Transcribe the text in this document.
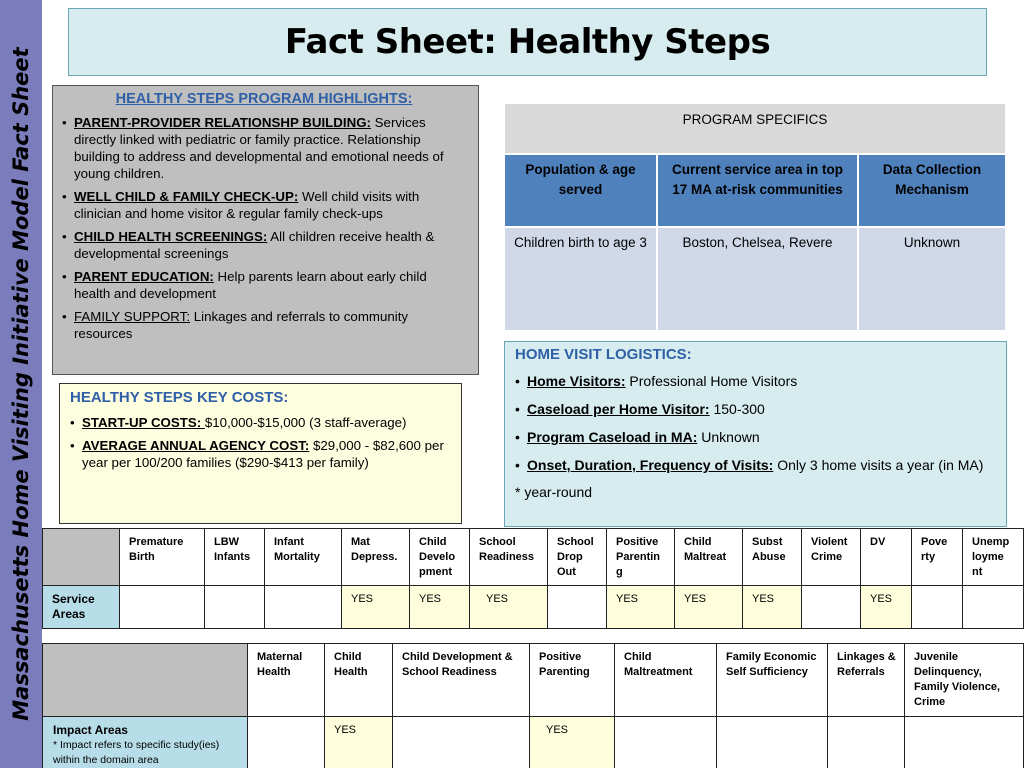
Massachusetts Home Visiting Initiative Model Fact Sheet
Fact Sheet: Healthy Steps
HEALTHY STEPS PROGRAM HIGHLIGHTS:
• PARENT-PROVIDER RELATIONSHP BUILDING: Services directly linked with pediatric or family practice. Relationship building to address and developmental and emotional needs of young children.
• WELL CHILD & FAMILY CHECK-UP: Well child visits with clinician and home visitor & regular family check-ups
• CHILD HEALTH SCREENINGS: All children receive health & developmental screenings
• PARENT EDUCATION: Help parents learn about early child health and development
• FAMILY SUPPORT: Linkages and referrals to community resources
HEALTHY STEPS KEY COSTS:
• START-UP COSTS: $10,000-$15,000 (3 staff-average)
• AVERAGE ANNUAL AGENCY COST: $29,000 - $82,600 per year per 100/200 families ($290-$413 per family)
PROGRAM SPECIFICS		
Population & age served	Current service area in top 17 MA at-risk communities	Data Collection Mechanism
Children birth to age 3	Boston, Chelsea, Revere	Unknown
HOME VISIT LOGISTICS:
• Home Visitors: Professional Home Visitors
• Caseload per Home Visitor: 150-300
• Program Caseload in MA: Unknown
• Onset, Duration, Frequency of Visits: Only 3 home visits a year (in MA)
* year-round
	Premature Birth	LBW Infants	Infant Mortality	Mat Depress.	Child Develo pment	School Readiness	School Drop Out	Positive Parentin g	Child Maltreat	Subst Abuse	Violent Crime	DV	Pove rty	Unemp loyme nt
Service Areas				YES	YES	YES		YES	YES	YES		YES		
	Maternal Health	Child Health	Child Development & School Readiness	Positive Parenting	Child Maltreatment	Family Economic Self Sufficiency	Linkages & Referrals	Juvenile Delinquency, Family Violence, Crime
Impact Areas
* Impact refers to specific study(ies) within the domain area		YES		YES				
